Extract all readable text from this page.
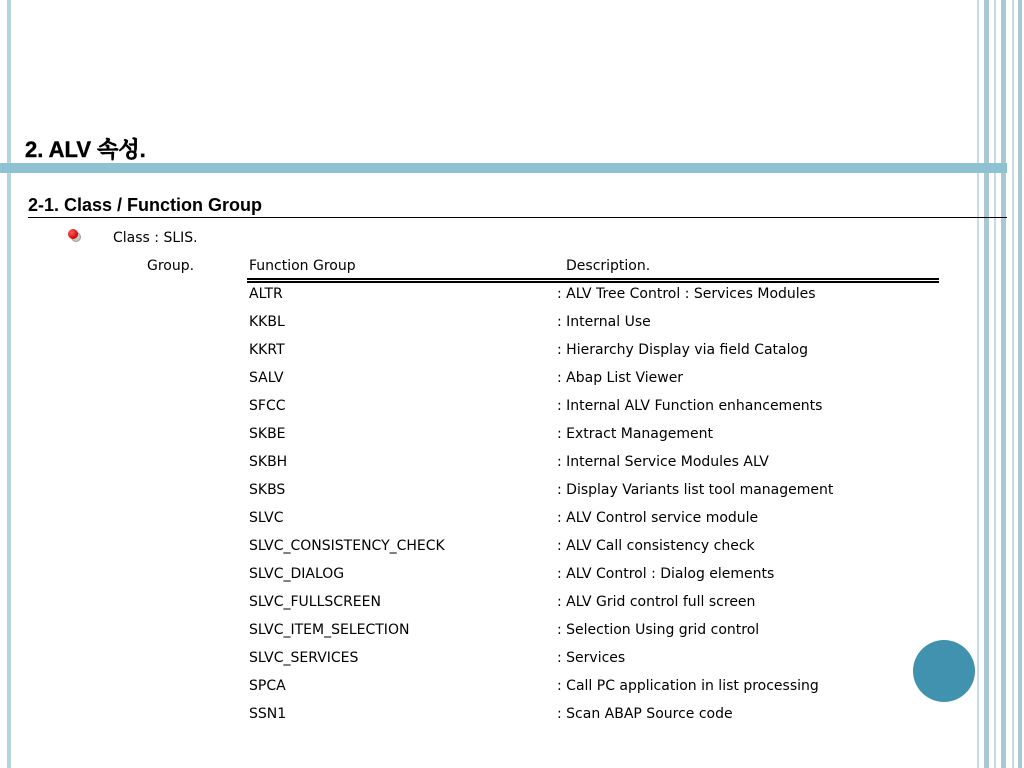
2. ALV 속성.
2-1. Class / Function Group
Class : SLIS.
Group.	Function Group	Description.
ALTR	: ALV Tree Control : Services Modules
KKBL	: Internal Use
KKRT	: Hierarchy Display via field Catalog
SALV	: Abap List Viewer
SFCC	: Internal ALV Function enhancements
SKBE	: Extract Management
SKBH	: Internal Service Modules ALV
SKBS	: Display Variants list tool management
SLVC	: ALV Control service module
SLVC_CONSISTENCY_CHECK	: ALV Call consistency check
SLVC_DIALOG	: ALV Control : Dialog elements
SLVC_FULLSCREEN	: ALV Grid control full screen
SLVC_ITEM_SELECTION	: Selection Using grid control
SLVC_SERVICES	: Services
SPCA	: Call PC application in list processing
SSN1	: Scan ABAP Source code
